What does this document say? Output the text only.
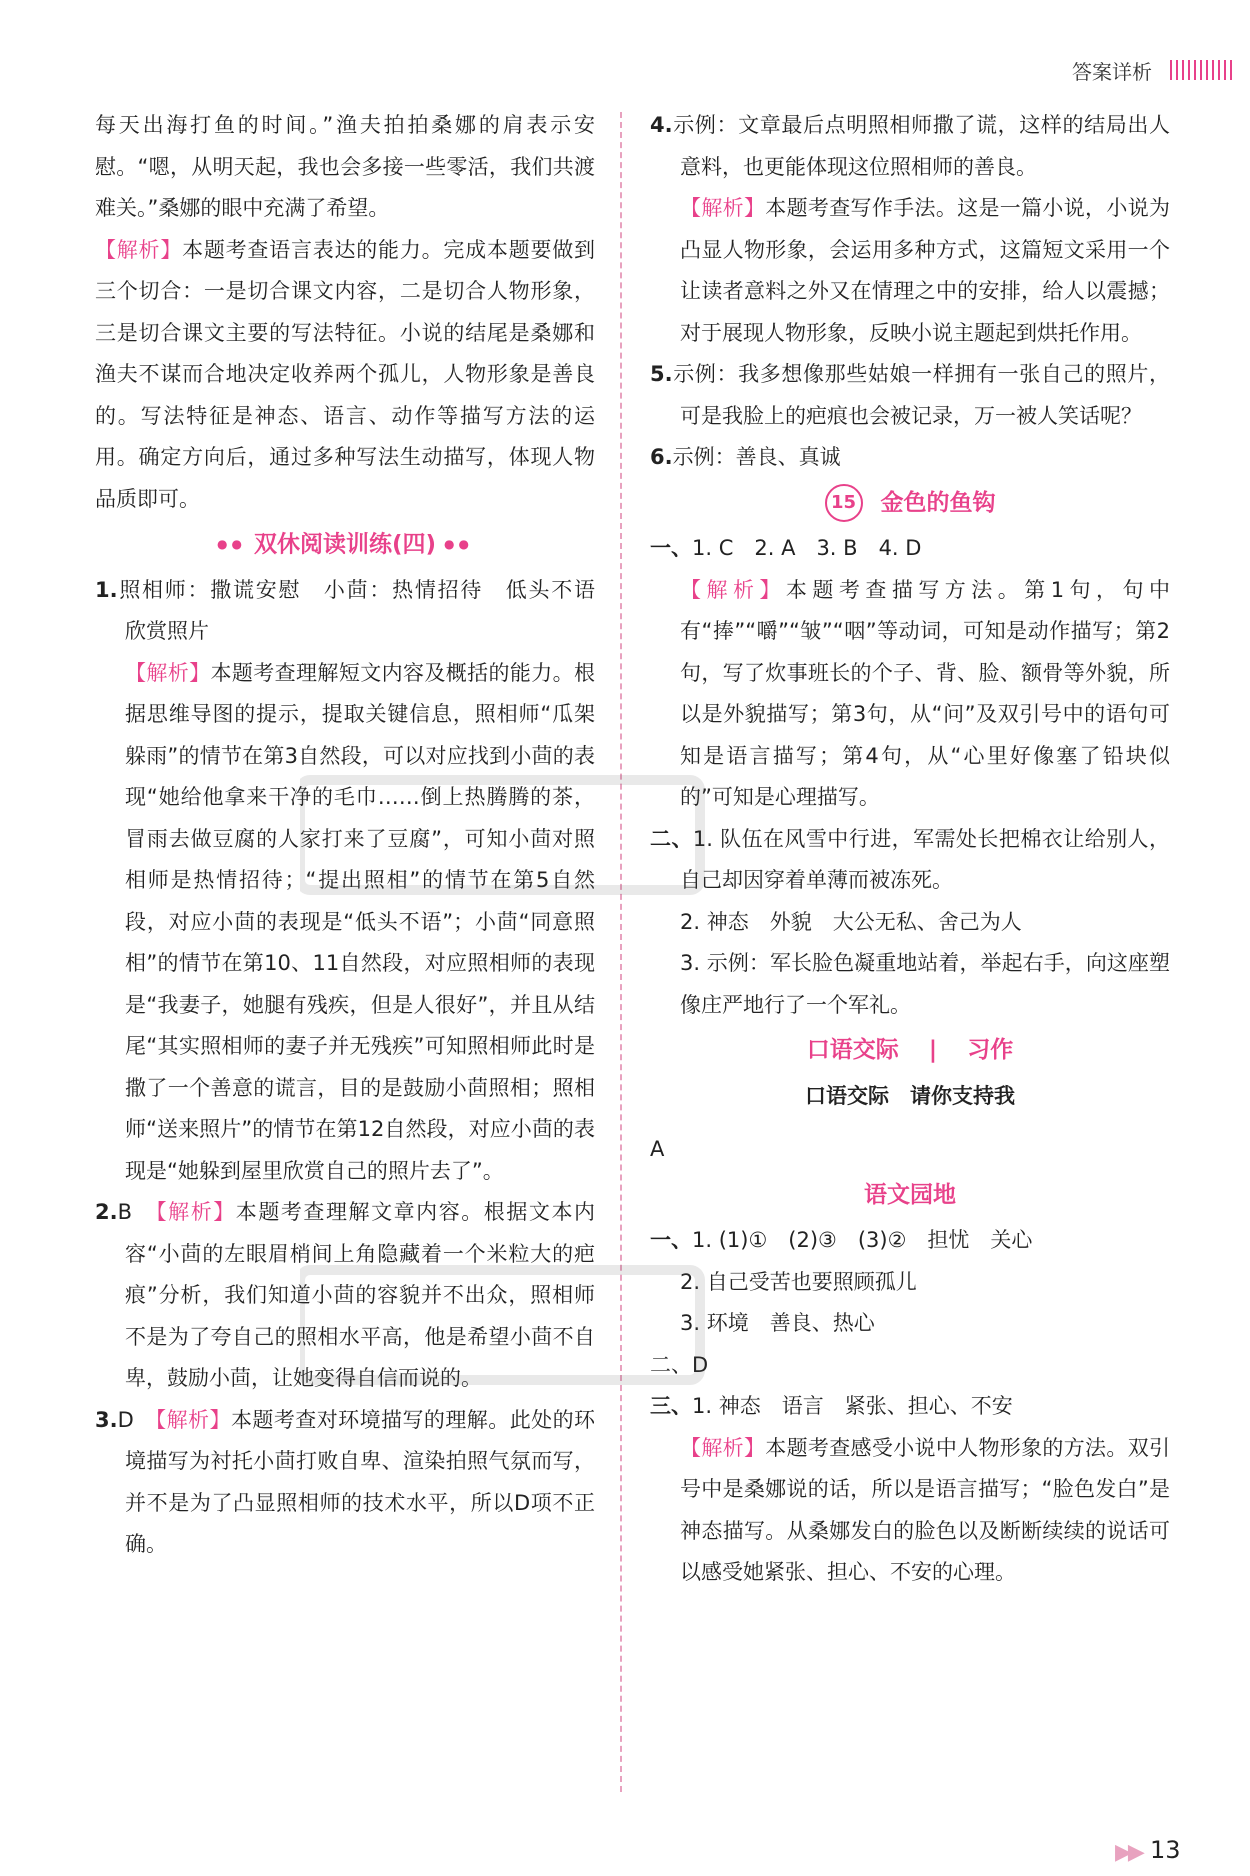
答案详析

每天出海打鱼的时间。”渔夫拍拍桑娜的肩表示安慰。“嗯，从明天起，我也会多接一些零活，我们共渡难关。”桑娜的眼中充满了希望。

【解析】本题考查语言表达的能力。完成本题要做到三个切合：一是切合课文内容，二是切合人物形象，三是切合课文主要的写法特征。小说的结尾是桑娜和渔夫不谋而合地决定收养两个孤儿，人物形象是善良的。写法特征是神态、语言、动作等描写方法的运用。确定方向后，通过多种写法生动描写，体现人物品质即可。

●● 双休阅读训练(四) ●●

1.照相师：撒谎安慰　小茴：热情招待　低头不语　欣赏照片

【解析】本题考查理解短文内容及概括的能力。根据思维导图的提示，提取关键信息，照相师“瓜架躲雨”的情节在第3自然段，可以对应找到小茴的表现“她给他拿来干净的毛巾……倒上热腾腾的茶，冒雨去做豆腐的人家打来了豆腐”，可知小茴对照相师是热情招待；“提出照相”的情节在第5自然段，对应小茴的表现是“低头不语”；小茴“同意照相”的情节在第10、11自然段，对应照相师的表现是“我妻子，她腿有残疾，但是人很好”，并且从结尾“其实照相师的妻子并无残疾”可知照相师此时是撒了一个善意的谎言，目的是鼓励小茴照相；照相师“送来照片”的情节在第12自然段，对应小茴的表现是“她躲到屋里欣赏自己的照片去了”。

2.B　【解析】本题考查理解文章内容。根据文本内容“小茴的左眼眉梢间上角隐藏着一个米粒大的疤痕”分析，我们知道小茴的容貌并不出众，照相师不是为了夸自己的照相水平高，他是希望小茴不自卑，鼓励小茴，让她变得自信而说的。

3.D　【解析】本题考查对环境描写的理解。此处的环境描写为衬托小茴打败自卑、渲染拍照气氛而写，并不是为了凸显照相师的技术水平，所以D项不正确。

4.示例：文章最后点明照相师撒了谎，这样的结局出人意料，也更能体现这位照相师的善良。

【解析】本题考查写作手法。这是一篇小说，小说为凸显人物形象，会运用多种方式，这篇短文采用一个让读者意料之外又在情理之中的安排，给人以震撼；对于展现人物形象，反映小说主题起到烘托作用。

5.示例：我多想像那些姑娘一样拥有一张自己的照片，可是我脸上的疤痕也会被记录，万一被人笑话呢？

6.示例：善良、真诚

15 金色的鱼钩

一、1. C　2. A　3. B　4. D

【解析】本题考查描写方法。第1句，句中有“捧”“嚼”“皱”“咽”等动词，可知是动作描写；第2句，写了炊事班长的个子、背、脸、额骨等外貌，所以是外貌描写；第3句，从“问”及双引号中的语句可知是语言描写；第4句，从“心里好像塞了铅块似的”可知是心理描写。

二、1. 队伍在风雪中行进，军需处长把棉衣让给别人，自己却因穿着单薄而被冻死。

2. 神态　外貌　大公无私、舍己为人

3. 示例：军长脸色凝重地站着，举起右手，向这座塑像庄严地行了一个军礼。

口语交际 | 习作
口语交际　请你支持我

A

语文园地

一、1. (1)①　(2)③　(3)②　担忧　关心

2. 自己受苦也要照顾孤儿

3. 环境　善良、热心

二、D

三、1. 神态　语言　紧张、担心、不安

【解析】本题考查感受小说中人物形象的方法。双引号中是桑娜说的话，所以是语言描写；“脸色发白”是神态描写。从桑娜发白的脸色以及断断续续的说话可以感受她紧张、担心、不安的心理。

▶▶ 13
